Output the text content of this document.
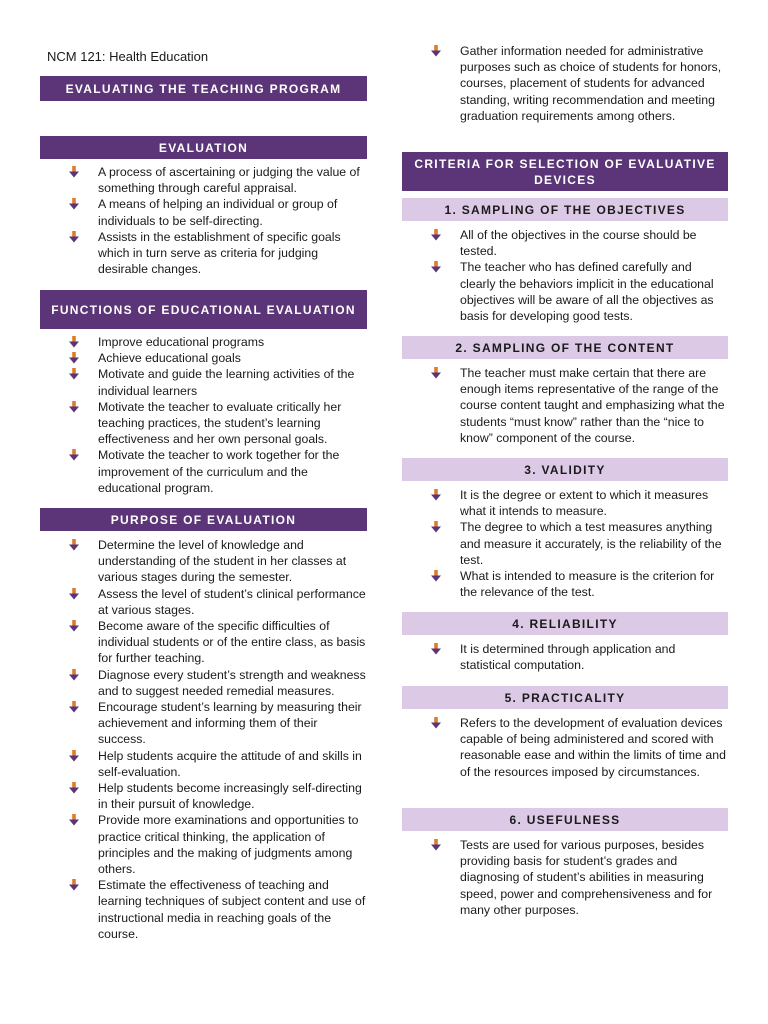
NCM 121: Health Education
EVALUATING THE TEACHING PROGRAM
EVALUATION
A process of ascertaining or judging the value of something through careful appraisal.
A means of helping an individual or group of individuals to be self-directing.
Assists in the establishment of specific goals which in turn serve as criteria for judging desirable changes.
FUNCTIONS OF EDUCATIONAL EVALUATION
Improve educational programs
Achieve educational goals
Motivate and guide the learning activities of the individual learners
Motivate the teacher to evaluate critically her teaching practices, the student’s learning effectiveness and her own personal goals.
Motivate the teacher to work together for the improvement of the curriculum and the educational program.
PURPOSE OF EVALUATION
Determine the level of knowledge and understanding of the student in her classes at various stages during the semester.
Assess the level of student’s clinical performance at various stages.
Become aware of the specific difficulties of individual students or of the entire class, as basis for further teaching.
Diagnose every student’s strength and weakness and to suggest needed remedial measures.
Encourage student’s learning by measuring their achievement and informing them of their success.
Help students acquire the attitude of and skills in self-evaluation.
Help students become increasingly self-directing in their pursuit of knowledge.
Provide more examinations and opportunities to practice critical thinking, the application of principles and the making of judgments among others.
Estimate the effectiveness of teaching and learning techniques of subject content and use of instructional media in reaching goals of the course.
Gather information needed for administrative purposes such as choice of students for honors, courses, placement of students for advanced standing, writing recommendation and meeting graduation requirements among others.
CRITERIA FOR SELECTION OF EVALUATIVE DEVICES
1. SAMPLING OF THE OBJECTIVES
All of the objectives in the course should be tested.
The teacher who has defined carefully and clearly the behaviors implicit in the educational objectives will be aware of all the objectives as basis for developing good tests.
2. SAMPLING OF THE CONTENT
The teacher must make certain that there are enough items representative of the range of the course content taught and emphasizing what the students “must know” rather than the “nice to know” component of the course.
3. VALIDITY
It is the degree or extent to which it measures what it intends to measure.
The degree to which a test measures anything and measure it accurately, is the reliability of the test.
What is intended to measure is the criterion for the relevance of the test.
4. RELIABILITY
It is determined through application and statistical computation.
5. PRACTICALITY
Refers to the development of evaluation devices capable of being administered and scored with reasonable ease and within the limits of time and of the resources imposed by circumstances.
6. USEFULNESS
Tests are used for various purposes, besides providing basis for student’s grades and diagnosing of student’s abilities in measuring speed, power and comprehensiveness and for many other purposes.
